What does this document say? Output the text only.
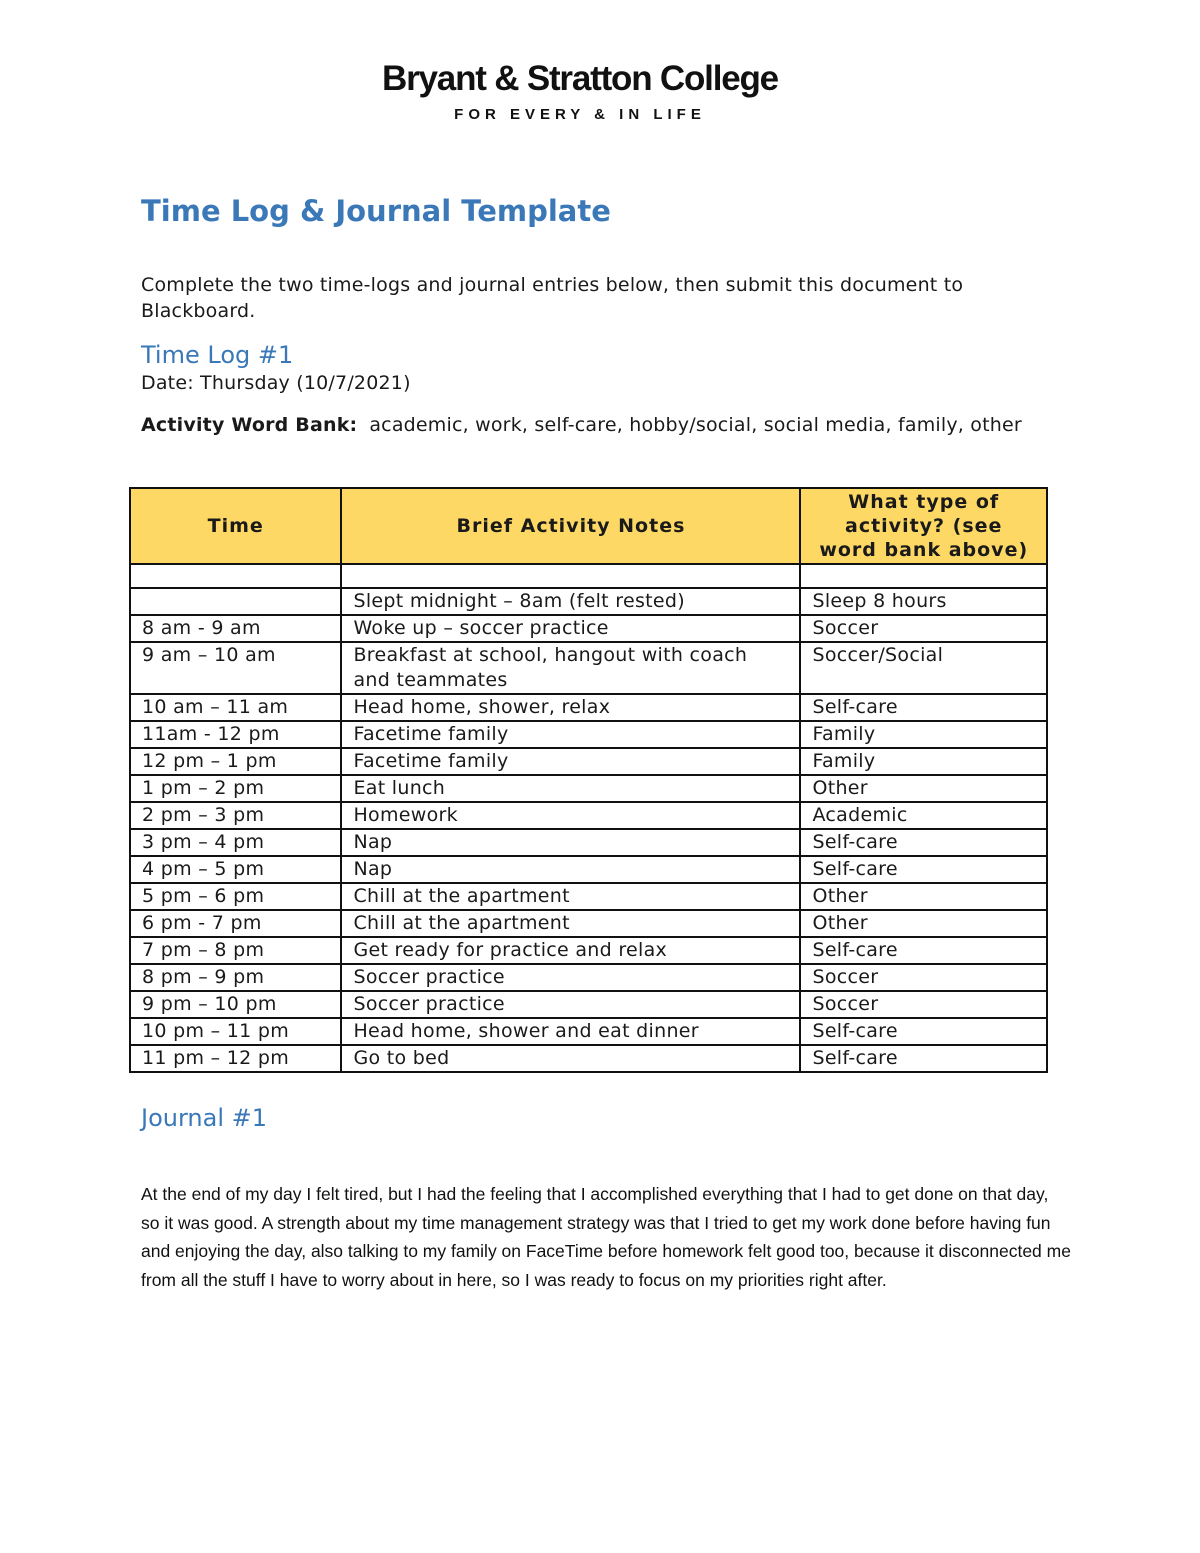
Bryant & Stratton College
FOR EVERY & IN LIFE
Time Log & Journal Template
Complete the two time-logs and journal entries below, then submit this document to Blackboard.
Time Log #1
Date: Thursday (10/7/2021)
Activity Word Bank: academic, work, self-care, hobby/social, social media, family, other
Time	Brief Activity Notes	What type of activity? (see word bank above)

	Slept midnight – 8am (felt rested)	Sleep 8 hours
8 am - 9 am	Woke up – soccer practice	Soccer
9 am – 10 am	Breakfast at school, hangout with coach and teammates	Soccer/Social
10 am – 11 am	Head home, shower, relax	Self-care
11am - 12 pm	Facetime family	Family
12 pm – 1 pm	Facetime family	Family
1 pm – 2 pm	Eat lunch	Other
2 pm – 3 pm	Homework	Academic
3 pm – 4 pm	Nap	Self-care
4 pm – 5 pm	Nap	Self-care
5 pm – 6 pm	Chill at the apartment	Other
6 pm - 7 pm	Chill at the apartment	Other
7 pm – 8 pm	Get ready for practice and relax	Self-care
8 pm – 9 pm	Soccer practice	Soccer
9 pm – 10 pm	Soccer practice	Soccer
10 pm – 11 pm	Head home, shower and eat dinner	Self-care
11 pm – 12 pm	Go to bed	Self-care
Journal #1
At the end of my day I felt tired, but I had the feeling that I accomplished everything that I had to get done on that day, so it was good. A strength about my time management strategy was that I tried to get my work done before having fun and enjoying the day, also talking to my family on FaceTime before homework felt good too, because it disconnected me from all the stuff I have to worry about in here, so I was ready to focus on my priorities right after.
